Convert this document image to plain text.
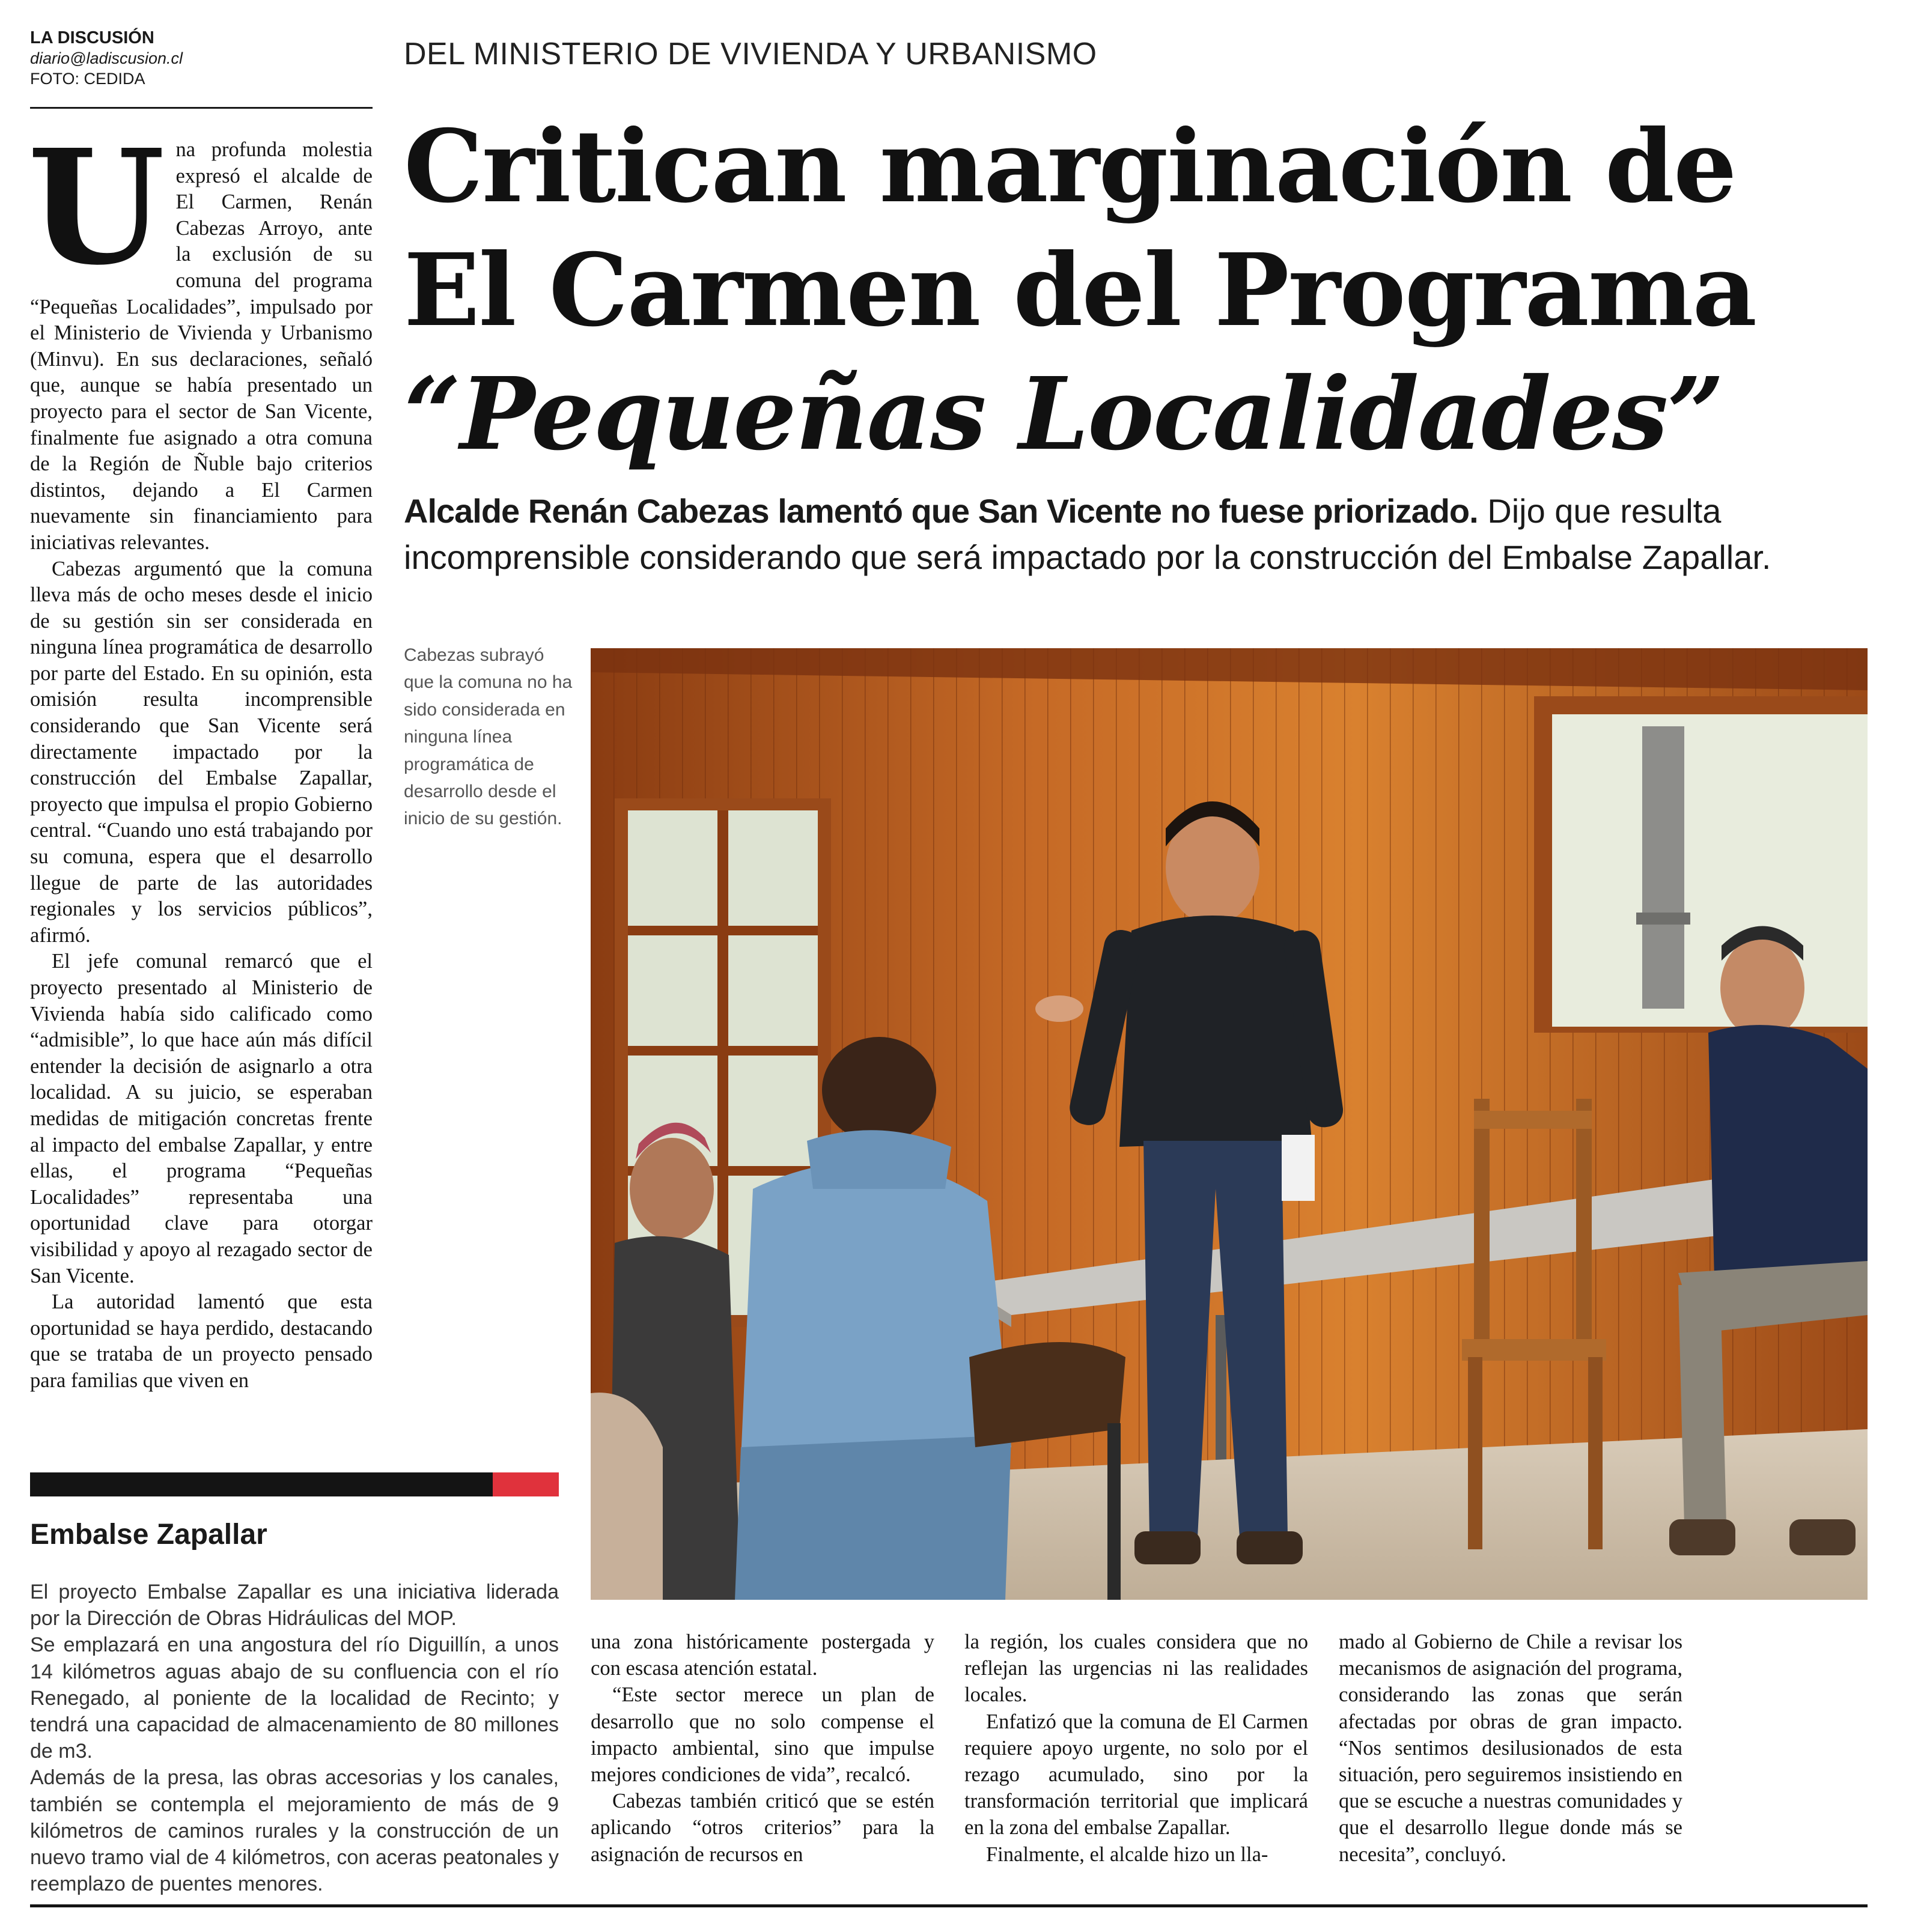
LA DISCUSIÓN
diario@ladiscusion.cl
FOTO: CEDIDA
DEL MINISTERIO DE VIVIENDA Y URBANISMO
Critican marginación de
El Carmen del Programa
“Pequeñas Localidades”
Alcalde Renán Cabezas lamentó que San Vicente no fuese priorizado. Dijo que resulta incomprensible considerando que será impactado por la construcción del Embalse Zapallar.

Una profunda molestia expresó el alcalde de El Carmen, Renán Cabezas Arroyo, ante la exclusión de su comuna del programa “Pequeñas Localidades”, impulsado por el Ministerio de Vivienda y Urbanismo (Minvu). En sus declaraciones, señaló que, aunque se había presentado un proyecto para el sector de San Vicente, finalmente fue asignado a otra comuna de la Región de Ñuble bajo criterios distintos, dejando a El Carmen nuevamente sin financiamiento para iniciativas relevantes.

Cabezas argumentó que la comuna lleva más de ocho meses desde el inicio de su gestión sin ser considerada en ninguna línea programática de desarrollo por parte del Estado. En su opinión, esta omisión resulta incomprensible considerando que San Vicente será directamente impactado por la construcción del Embalse Zapallar, proyecto que impulsa el propio Gobierno central. “Cuando uno está trabajando por su comuna, espera que el desarrollo llegue de parte de las autoridades regionales y los servicios públicos”, afirmó.

El jefe comunal remarcó que el proyecto presentado al Ministerio de Vivienda había sido calificado como “admisible”, lo que hace aún más difícil entender la decisión de asignarlo a otra localidad. A su juicio, se esperaban medidas de mitigación concretas frente al impacto del embalse Zapallar, y entre ellas, el programa “Pequeñas Localidades” representaba una oportunidad clave para otorgar visibilidad y apoyo al rezagado sector de San Vicente.

La autoridad lamentó que esta oportunidad se haya perdido, destacando que se trataba de un proyecto pensado para familias que viven en

Cabezas subrayó que la comuna no ha sido considerada en ninguna línea programática de desarrollo desde el inicio de su gestión.
Embalse Zapallar

El proyecto Embalse Zapallar es una iniciativa liderada por la Dirección de Obras Hidráulicas del MOP.

Se emplazará en una angostura del río Diguillín, a unos 14 kilómetros aguas abajo de su confluencia con el río Renegado, al poniente de la localidad de Recinto; y tendrá una capacidad de almacenamiento de 80 millones de m3.

Además de la presa, las obras accesorias y los canales, también se contempla el mejoramiento de más de 9 kilómetros de caminos rurales y la construcción de un nuevo tramo vial de 4 kilómetros, con aceras peatonales y reemplazo de puentes menores.

una zona históricamente postergada y con escasa atención estatal.

“Este sector merece un plan de desarrollo que no solo compense el impacto ambiental, sino que impulse mejores condiciones de vida”, recalcó.

Cabezas también criticó que se estén aplicando “otros criterios” para la asignación de recursos en

la región, los cuales considera que no reflejan las urgencias ni las realidades locales.

Enfatizó que la comuna de El Carmen requiere apoyo urgente, no solo por el rezago acumulado, sino por la transformación territorial que implicará en la zona del embalse Zapallar.

Finalmente, el alcalde hizo un lla-

mado al Gobierno de Chile a revisar los mecanismos de asignación del programa, considerando las zonas que serán afectadas por obras de gran impacto. “Nos sentimos desilusionados de esta situación, pero seguiremos insistiendo en que se escuche a nuestras comunidades y que el desarrollo llegue donde más se necesita”, concluyó.
